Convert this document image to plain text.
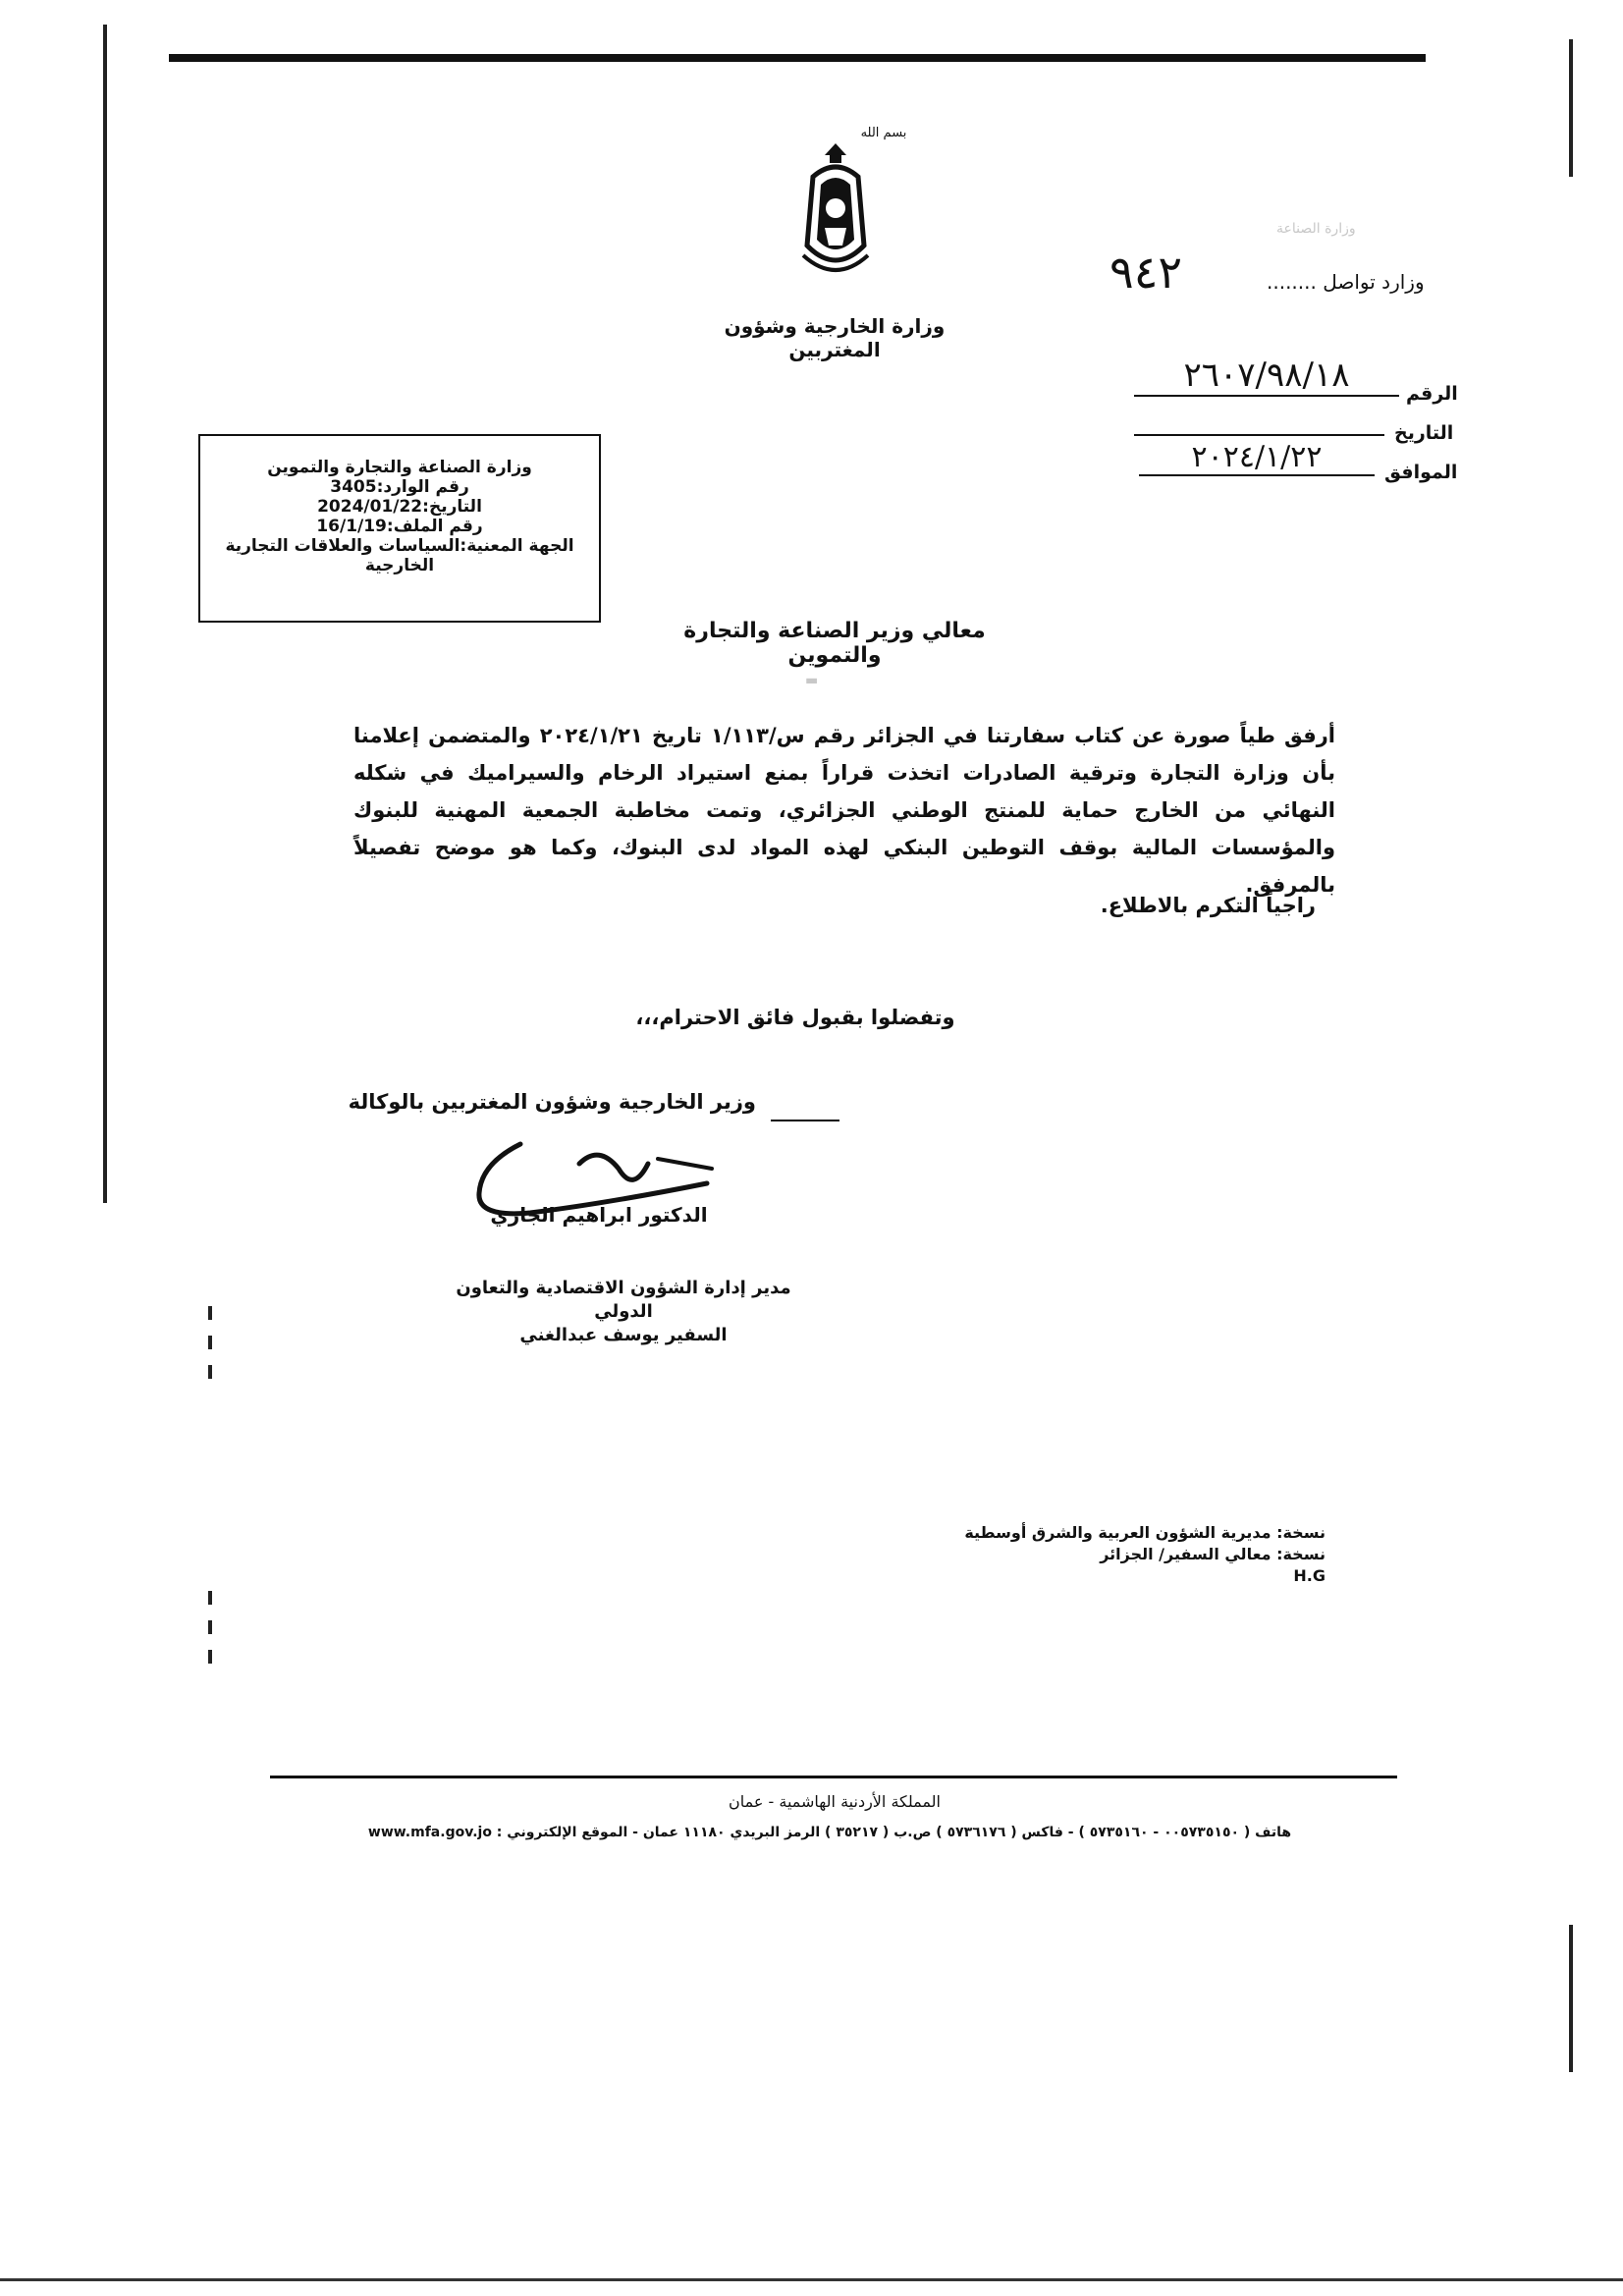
بسم الله
وزارة الخارجية وشؤون المغتربين
وزارة الصناعة
٩٤٢	وزارد تواصل ........
الرقم
٢٦٠٧/٩٨/١٨
التاريخ
الموافق
٢٠٢٤/١/٢٢
وزارة الصناعة والتجارة والتموين
رقم الوارد:3405
التاريخ:2024/01/22
رقم الملف:16/1/19
الجهة المعنية:السياسات والعلاقات التجارية الخارجية
معالي وزير الصناعة والتجارة والتموين
▬
أرفق طياً صورة عن كتاب سفارتنا في الجزائر رقم س/١/١١٣ تاريخ ٢٠٢٤/١/٢١ والمتضمن إعلامنا بأن وزارة التجارة وترقية الصادرات اتخذت قراراً بمنع استيراد الرخام والسيراميك في شكله النهائي من الخارج حماية للمنتج الوطني الجزائري، وتمت مخاطبة الجمعية المهنية للبنوك والمؤسسات المالية بوقف التوطين البنكي لهذه المواد لدى البنوك، وكما هو موضح تفصيلاً بالمرفق.
راجياً التكرم بالاطلاع.
وتفضلوا بقبول فائق الاحترام،،،
وزير الخارجية وشؤون المغتربين بالوكالة
الدكتور ابراهيم الجازي
مدير إدارة الشؤون الاقتصادية والتعاون الدولي
السفير يوسف عبدالغني
نسخة: مديرية الشؤون العربية والشرق أوسطية
نسخة: معالي السفير/ الجزائر
H.G
المملكة الأردنية الهاشمية - عمان
هاتف ( ٠٠٥٧٣٥١٥٠ - ٥٧٣٥١٦٠ ) - فاكس ( ٥٧٣٦١٧٦ ) ص.ب ( ٣٥٢١٧ ) الرمز البريدي ١١١٨٠ عمان - الموقع الإلكتروني : www.mfa.gov.jo
